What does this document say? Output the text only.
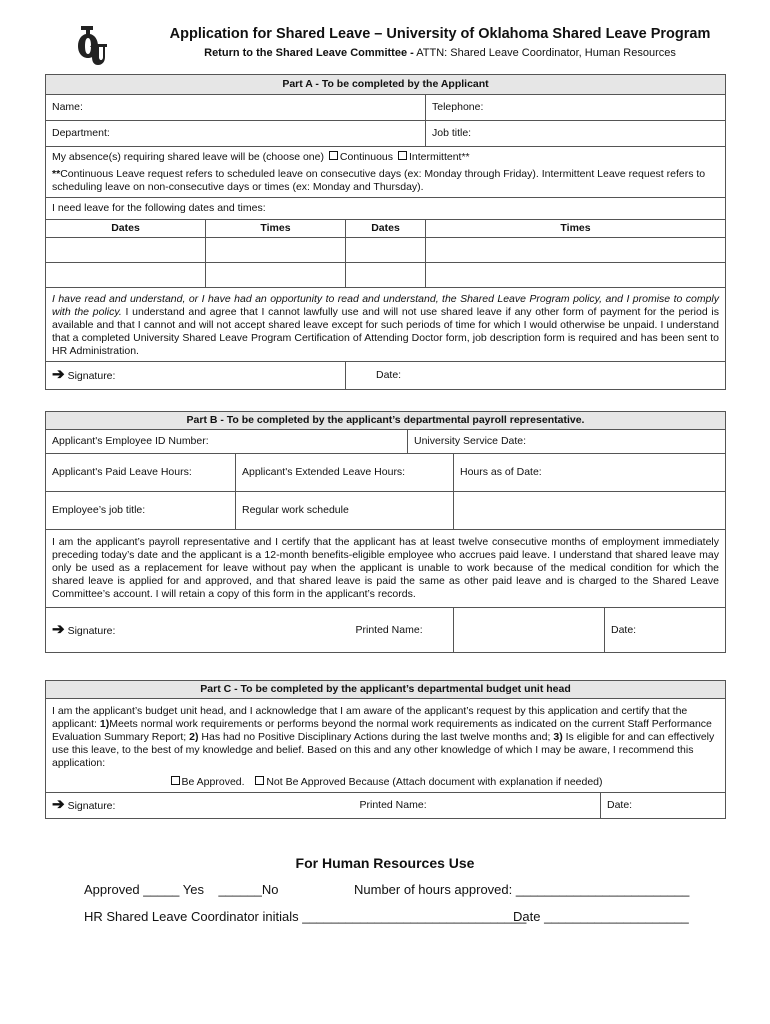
Application for Shared Leave – University of Oklahoma Shared Leave Program
Return to the Shared Leave Committee - ATTN: Shared Leave Coordinator, Human Resources
Part A - To be completed by the Applicant			
Name:			Telephone:
Department:			Job title:

My absence(s) requiring shared leave will be (choose one) Continuous Intermittent**
**Continuous Leave request refers to scheduled leave on consecutive days (ex: Monday through Friday). Intermittent Leave request refers to scheduling leave on non-consecutive days or times (ex: Monday and Thursday).			

I need leave for the following dates and times:			
Dates	Times	Dates	Times

I have read and understand, or I have had an opportunity to read and understand, the Shared Leave Program policy, and I promise to comply with the policy. I understand and agree that I cannot lawfully use and will not use shared leave if any other form of payment for the period is available and that I cannot and will not accept shared leave except for such periods of time for which I would otherwise be unpaid. I understand that a completed University Shared Leave Program Certification of Attending Doctor form, job description form is required and has been sent to HR Administration.			
➔ Signature:		Date:	
Part B - To be completed by the applicant’s departmental payroll representative.			
Applicant's Employee ID Number:		University Service Date:	
Applicant's Paid Leave Hours:	Applicant's Extended Leave Hours:		Hours as of Date:
Employee’s job title:	Regular work schedule		
I am the applicant’s payroll representative and I certify that the applicant has at least twelve consecutive months of employment immediately preceding today’s date and the applicant is a 12-month benefits-eligible employee who accrues paid leave. I understand that shared leave may only be used as a replacement for leave without pay when the applicant is unable to work because of the medical condition for which the shared leave is applied for and approved, and that shared leave is paid the same as other paid leave and is charged to the Shared Leave Committee’s account. I will retain a copy of this form in the applicant’s records.			
➔ Signature:	Printed Name:		Date:
Part C - To be completed by the applicant’s departmental budget unit head

I am the applicant’s budget unit head, and I acknowledge that I am aware of the applicant’s request by this application and certify that the applicant: 1)Meets normal work requirements or performs beyond the normal work requirements as indicated on the current Staff Performance Evaluation Summary Report; 2) Has had no Positive Disciplinary Actions during the last twelve months and; 3) Is eligible for and can effectively use this leave, to the best of my knowledge and belief. Based on this and any other knowledge of which I may be aware, I recommend this application:
Be Approved. Not Be Approved Because (Attach document with explanation if needed)

➔ Signature:	Printed Name:	Date:
For Human Resources Use
Approved _____ Yes    ______No	Number of hours approved: ________________________
HR Shared Leave Coordinator initials _______________________________
Date ____________________
